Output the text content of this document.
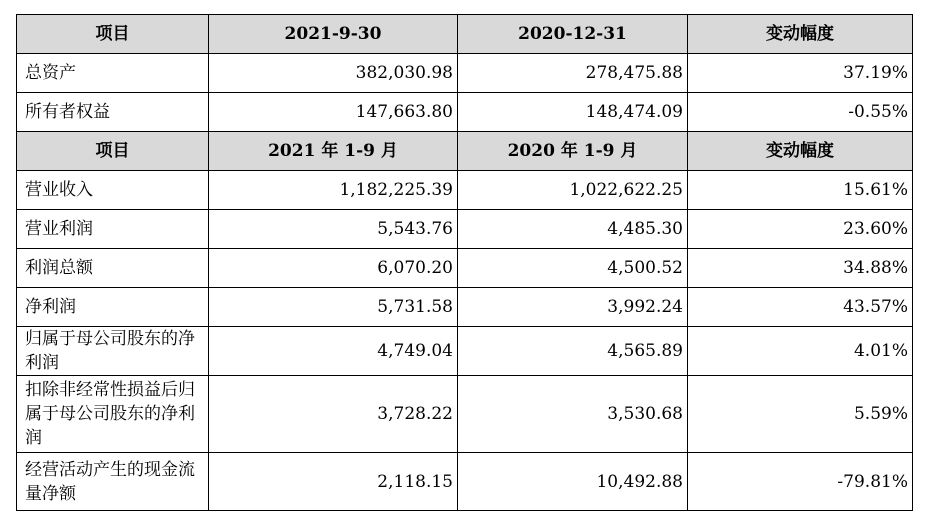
项目	2021-9-30	2020-12-31	变动幅度
总资产	382,030.98	278,475.88	37.19%
所有者权益	147,663.80	148,474.09	-0.55%
项目	2021 年 1-9 月	2020 年 1-9 月	变动幅度
营业收入	1,182,225.39	1,022,622.25	15.61%
营业利润	5,543.76	4,485.30	23.60%
利润总额	6,070.20	4,500.52	34.88%
净利润	5,731.58	3,992.24	43.57%
归属于母公司股东的净利润	4,749.04	4,565.89	4.01%
扣除非经常性损益后归属于母公司股东的净利润	3,728.22	3,530.68	5.59%
经营活动产生的现金流量净额	2,118.15	10,492.88	-79.81%
